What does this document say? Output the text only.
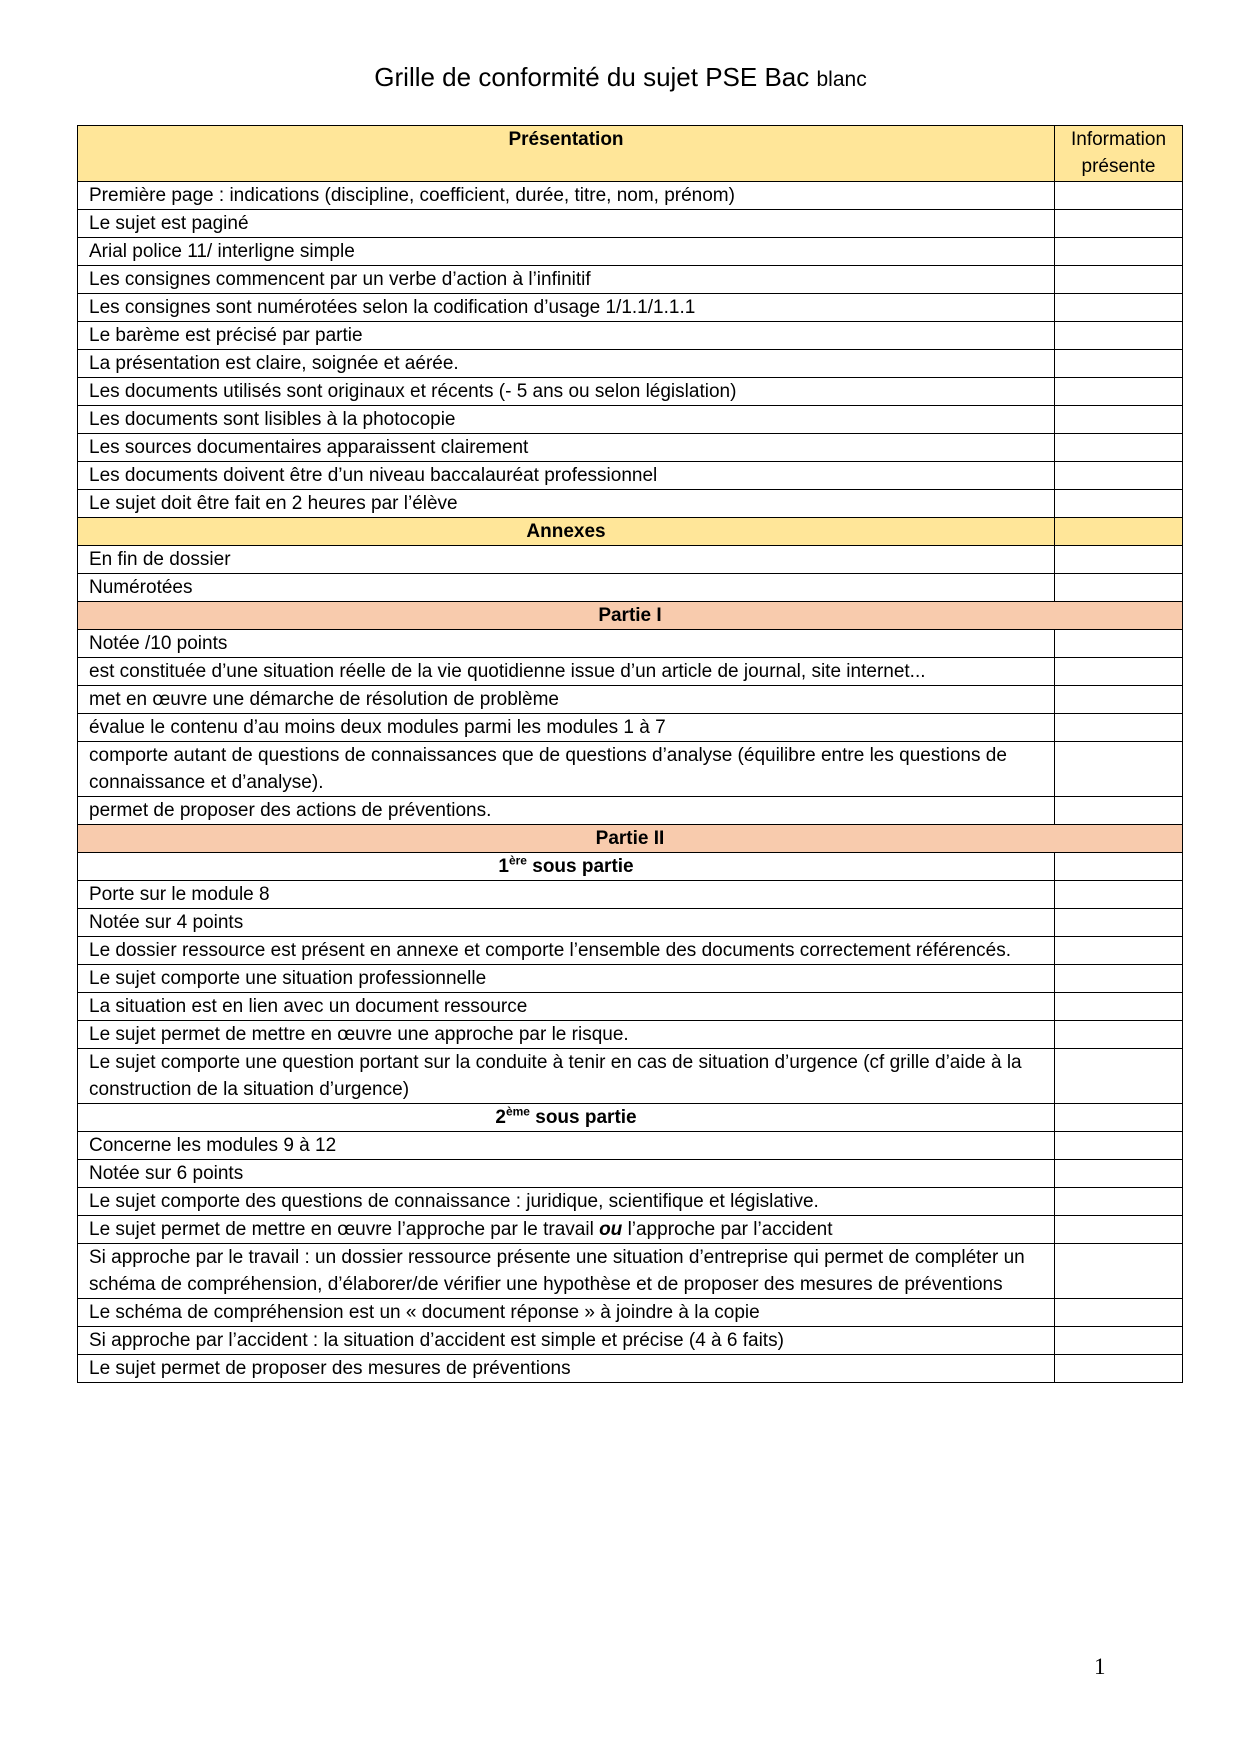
Grille de conformité du sujet PSE Bac blanc
Présentation	Information
présente
Première page : indications (discipline, coefficient, durée, titre, nom, prénom)	
Le sujet est paginé	
Arial police 11/ interligne simple	
Les consignes commencent par un verbe d’action à l’infinitif	
Les consignes sont numérotées selon la codification d’usage 1/1.1/1.1.1	
Le barème est précisé par partie	
La présentation est claire, soignée et aérée.	
Les documents utilisés sont originaux et récents (- 5 ans ou selon législation)	
Les documents sont lisibles à la photocopie	
Les sources documentaires apparaissent clairement	
Les documents doivent être d’un niveau baccalauréat professionnel	
Le sujet doit être fait en 2 heures par l’élève	
Annexes	
En fin de dossier	
Numérotées	
Partie I	
Notée /10 points	
est constituée d’une situation réelle de la vie quotidienne issue d’un article de journal, site internet...	
met en œuvre une démarche de résolution de problème	
évalue le contenu d’au moins deux modules parmi les modules 1 à 7	
comporte autant de questions de connaissances que de questions d’analyse (équilibre entre les questions de connaissance et d’analyse).	
permet de proposer des actions de préventions.	
Partie II	
1ère sous partie	
Porte sur le module 8	
Notée sur 4 points	
Le dossier ressource est présent en annexe et comporte l’ensemble des documents correctement référencés.	
Le sujet comporte une situation professionnelle	
La situation est en lien avec un document ressource	
Le sujet permet de mettre en œuvre une approche par le risque.	
Le sujet comporte une question portant sur la conduite à tenir en cas de situation d’urgence (cf grille d’aide à la construction de la situation d’urgence)	
2ème sous partie	
Concerne les modules 9 à 12	
Notée sur 6 points	
Le sujet comporte des questions de connaissance : juridique, scientifique et législative.	
Le sujet permet de mettre en œuvre l’approche par le travail ou l’approche par l’accident	
Si approche par le travail : un dossier ressource présente une situation d’entreprise qui permet de compléter un schéma de compréhension, d’élaborer/de vérifier une hypothèse et de proposer des mesures de préventions	
Le schéma de compréhension est un « document réponse » à joindre à la copie	
Si approche par l’accident : la situation d’accident est simple et précise (4 à 6 faits)	
Le sujet permet de proposer des mesures de préventions	
1
